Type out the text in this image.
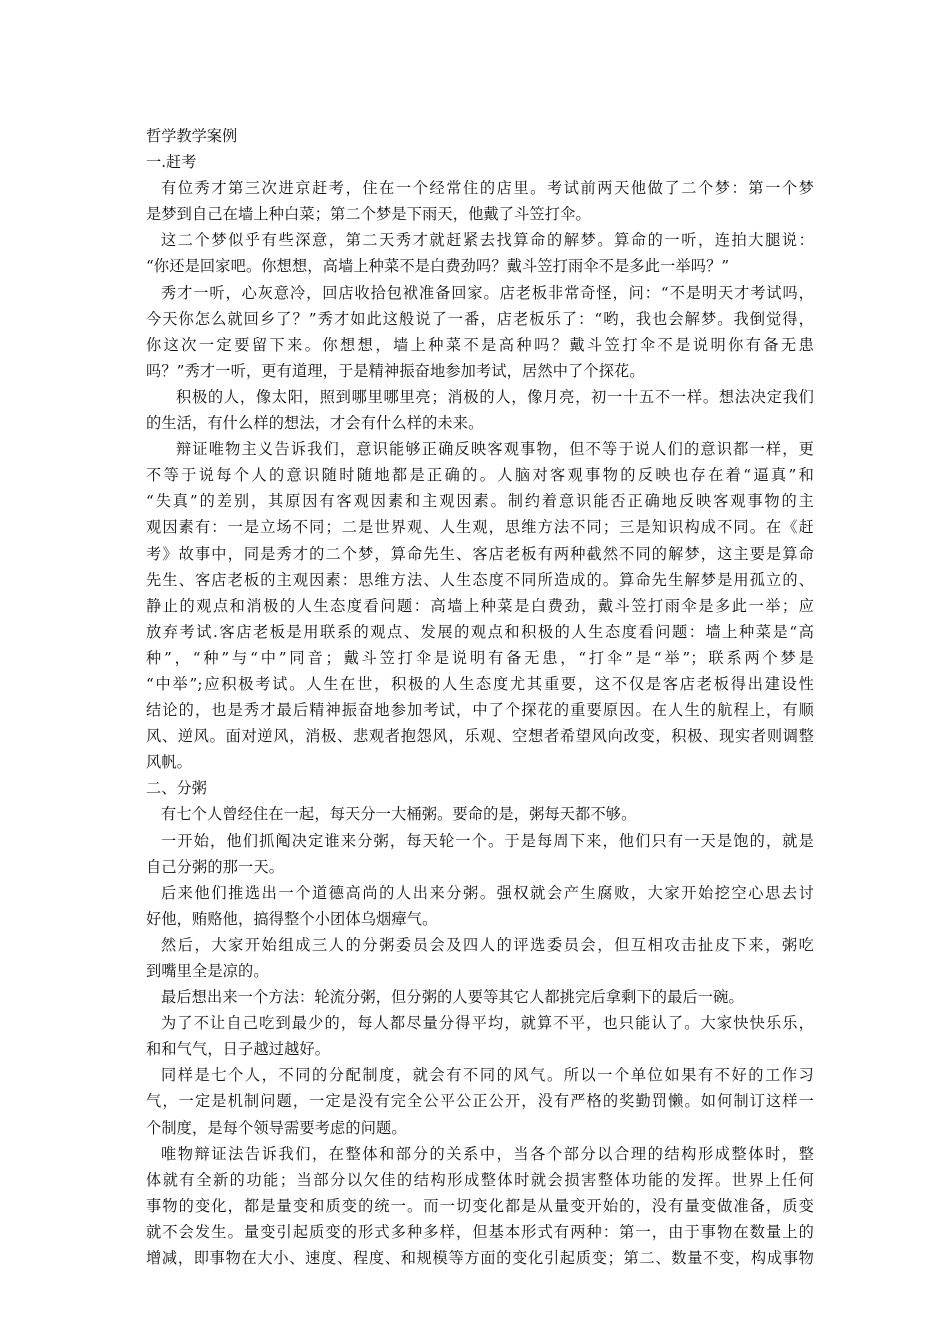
哲学教学案例
一.赶考
有位秀才第三次进京赶考，住在一个经常住的店里。考试前两天他做了二个梦：第一个梦
是梦到自己在墙上种白菜；第二个梦是下雨天，他戴了斗笠打伞。
这二个梦似乎有些深意，第二天秀才就赶紧去找算命的解梦。算命的一听，连拍大腿说：
“你还是回家吧。你想想，高墙上种菜不是白费劲吗？戴斗笠打雨伞不是多此一举吗？”
秀才一听，心灰意冷，回店收拾包袱准备回家。店老板非常奇怪，问：“不是明天才考试吗，
今天你怎么就回乡了？”秀才如此这般说了一番，店老板乐了：“哟，我也会解梦。我倒觉得，
你这次一定要留下来。你想想，墙上种菜不是高种吗？戴斗笠打伞不是说明你有备无患
吗？”秀才一听，更有道理，于是精神振奋地参加考试，居然中了个探花。
积极的人，像太阳，照到哪里哪里亮；消极的人，像月亮，初一十五不一样。想法决定我们
的生活，有什么样的想法，才会有什么样的未来。
辩证唯物主义告诉我们，意识能够正确反映客观事物，但不等于说人们的意识都一样，更
不等于说每个人的意识随时随地都是正确的。人脑对客观事物的反映也存在着“逼真”和
“失真”的差别，其原因有客观因素和主观因素。制约着意识能否正确地反映客观事物的主
观因素有：一是立场不同；二是世界观、人生观，思维方法不同；三是知识构成不同。在《赶
考》故事中，同是秀才的二个梦，算命先生、客店老板有两种截然不同的解梦，这主要是算命
先生、客店老板的主观因素：思维方法、人生态度不同所造成的。算命先生解梦是用孤立的、
静止的观点和消极的人生态度看问题：高墙上种菜是白费劲，戴斗笠打雨伞是多此一举；应
放弃考试.客店老板是用联系的观点、发展的观点和积极的人生态度看问题：墙上种菜是“高
种”，“种”与“中”同音；戴斗笠打伞是说明有备无患，“打伞”是“举”；联系两个梦是
“中举”;应积极考试。人生在世，积极的人生态度尤其重要，这不仅是客店老板得出建设性
结论的，也是秀才最后精神振奋地参加考试，中了个探花的重要原因。在人生的航程上，有顺
风、逆风。面对逆风，消极、悲观者抱怨风，乐观、空想者希望风向改变，积极、现实者则调整
风帆。
二、分粥
有七个人曾经住在一起，每天分一大桶粥。要命的是，粥每天都不够。
一开始，他们抓阄决定谁来分粥，每天轮一个。于是每周下来，他们只有一天是饱的，就是
自己分粥的那一天。
后来他们推选出一个道德高尚的人出来分粥。强权就会产生腐败，大家开始挖空心思去讨
好他，贿赂他，搞得整个小团体乌烟瘴气。
然后，大家开始组成三人的分粥委员会及四人的评选委员会，但互相攻击扯皮下来，粥吃
到嘴里全是凉的。
最后想出来一个方法：轮流分粥，但分粥的人要等其它人都挑完后拿剩下的最后一碗。
为了不让自己吃到最少的，每人都尽量分得平均，就算不平，也只能认了。大家快快乐乐，
和和气气，日子越过越好。
同样是七个人，不同的分配制度，就会有不同的风气。所以一个单位如果有不好的工作习
气，一定是机制问题，一定是没有完全公平公正公开，没有严格的奖勤罚懒。如何制订这样一
个制度，是每个领导需要考虑的问题。
唯物辩证法告诉我们，在整体和部分的关系中，当各个部分以合理的结构形成整体时，整
体就有全新的功能；当部分以欠佳的结构形成整体时就会损害整体功能的发挥。世界上任何
事物的变化，都是量变和质变的统一。而一切变化都是从量变开始的，没有量变做准备，质变
就不会发生。量变引起质变的形式多种多样，但基本形式有两种：第一，由于事物在数量上的
增减，即事物在大小、速度、程度、和规模等方面的变化引起质变；第二、数量不变，构成事物
